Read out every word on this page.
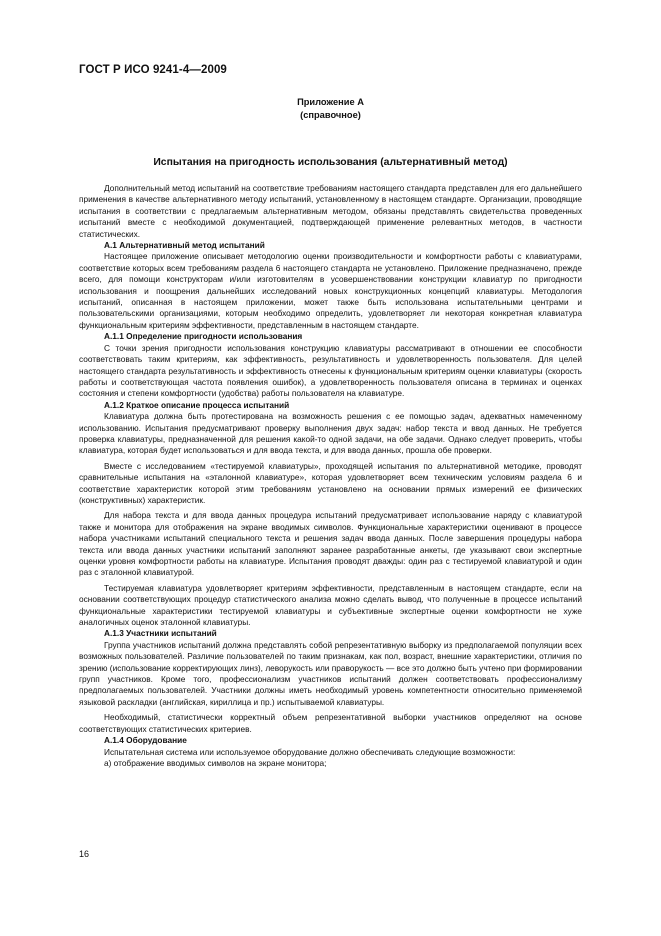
ГОСТ Р ИСО 9241-4—2009
Приложение А
(справочное)
Испытания на пригодность использования (альтернативный метод)

Дополнительный метод испытаний на соответствие требованиям настоящего стандарта представлен для его дальнейшего применения в качестве альтернативного методу испытаний, установленному в настоящем стандарте. Организации, проводящие испытания в соответствии с предлагаемым альтернативным методом, обязаны представлять свидетельства проведенных испытаний вместе с необходимой документацией, подтверждающей применение релевантных методов, в частности статистических.

А.1 Альтернативный метод испытаний

Настоящее приложение описывает методологию оценки производительности и комфортности работы с клавиатурами, соответствие которых всем требованиям раздела 6 настоящего стандарта не установлено. Приложение предназначено, прежде всего, для помощи конструкторам и/или изготовителям в усовершенствовании конструкции клавиатур по пригодности использования и поощрения дальнейших исследований новых конструкционных концепций клавиатуры. Методология испытаний, описанная в настоящем приложении, может также быть использована испытательными центрами и пользовательскими организациями, которым необходимо определить, удовлетворяет ли некоторая конкретная клавиатура функциональным критериям эффективности, представленным в настоящем стандарте.

А.1.1 Определение пригодности использования

С точки зрения пригодности использования конструкцию клавиатуры рассматривают в отношении ее способности соответствовать таким критериям, как эффективность, результативность и удовлетворенность пользователя. Для целей настоящего стандарта результативность и эффективность отнесены к функциональным критериям оценки клавиатуры (скорость работы и соответствующая частота появления ошибок), а удовлетворенность пользователя описана в терминах и оценках состояния и степени комфортности (удобства) работы пользователя на клавиатуре.

А.1.2 Краткое описание процесса испытаний

Клавиатура должна быть протестирована на возможность решения с ее помощью задач, адекватных намеченному использованию. Испытания предусматривают проверку выполнения двух задач: набор текста и ввод данных. Не требуется проверка клавиатуры, предназначенной для решения какой-то одной задачи, на обе задачи. Однако следует проверить, чтобы клавиатура, которая будет использоваться и для ввода текста, и для ввода данных, прошла обе проверки.

Вместе с исследованием «тестируемой клавиатуры», проходящей испытания по альтернативной методике, проводят сравнительные испытания на «эталонной клавиатуре», которая удовлетворяет всем техническим условиям раздела 6 и соответствие характеристик которой этим требованиям установлено на основании прямых измерений ее физических (конструктивных) характеристик.

Для набора текста и для ввода данных процедура испытаний предусматривает использование наряду с клавиатурой также и монитора для отображения на экране вводимых символов. Функциональные характеристики оценивают в процессе набора участниками испытаний специального текста и решения задач ввода данных. После завершения процедуры набора текста или ввода данных участники испытаний заполняют заранее разработанные анкеты, где указывают свои экспертные оценки уровня комфортности работы на клавиатуре. Испытания проводят дважды: один раз с тестируемой клавиатурой и один раз с эталонной клавиатурой.

Тестируемая клавиатура удовлетворяет критериям эффективности, представленным в настоящем стандарте, если на основании соответствующих процедур статистического анализа можно сделать вывод, что полученные в процессе испытаний функциональные характеристики тестируемой клавиатуры и субъективные экспертные оценки комфортности не хуже аналогичных оценок эталонной клавиатуры.

А.1.3 Участники испытаний

Группа участников испытаний должна представлять собой репрезентативную выборку из предполагаемой популяции всех возможных пользователей. Различие пользователей по таким признакам, как пол, возраст, внешние характеристики, отличия по зрению (использование корректирующих линз), леворукость или праворукость — все это должно быть учтено при формировании групп участников. Кроме того, профессионализм участников испытаний должен соответствовать профессионализму предполагаемых пользователей. Участники должны иметь необходимый уровень компетентности относительно применяемой языковой раскладки (английская, кириллица и пр.) испытываемой клавиатуры.

Необходимый, статистически корректный объем репрезентативной выборки участников определяют на основе соответствующих статистических критериев.

А.1.4 Оборудование

Испытательная система или используемое оборудование должно обеспечивать следующие возможности:

а) отображение вводимых символов на экране монитора;

16
